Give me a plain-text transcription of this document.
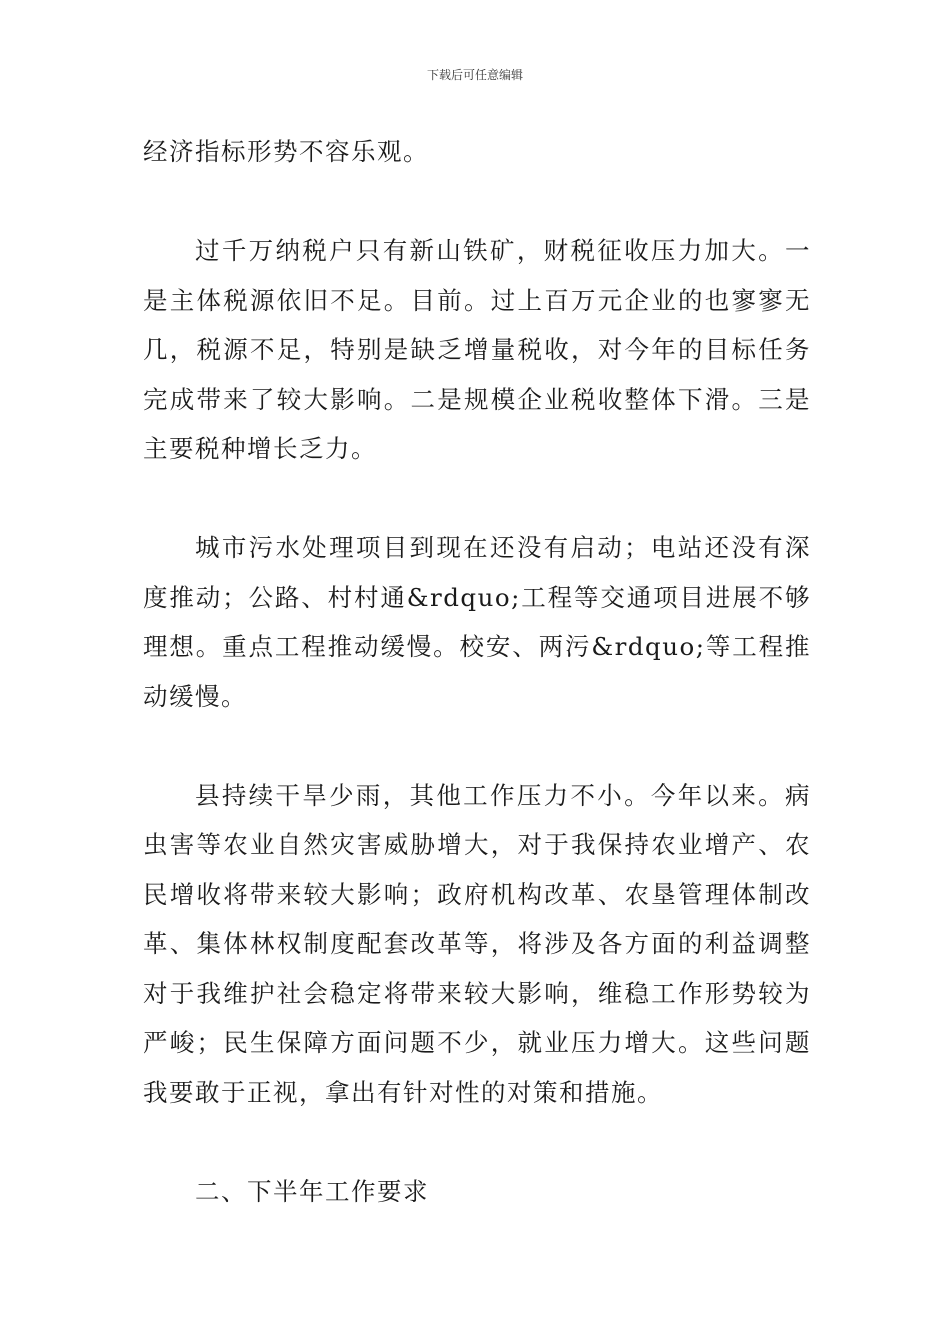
下载后可任意编辑

经济指标形势不容乐观。

过千万纳税户只有新山铁矿，财税征收压力加大。一是主体税源依旧不足。目前。过上百万元企业的也寥寥无几，税源不足，特别是缺乏增量税收，对今年的目标任务完成带来了较大影响。二是规模企业税收整体下滑。三是主要税种增长乏力。

城市污水处理项目到现在还没有启动；电站还没有深度推动；公路、村村通&rdquo;工程等交通项目进展不够理想。重点工程推动缓慢。校安、两污&rdquo;等工程推动缓慢。

县持续干旱少雨，其他工作压力不小。今年以来。病虫害等农业自然灾害威胁增大，对于我保持农业增产、农民增收将带来较大影响；政府机构改革、农垦管理体制改革、集体林权制度配套改革等，将涉及各方面的利益调整对于我维护社会稳定将带来较大影响，维稳工作形势较为严峻；民生保障方面问题不少，就业压力增大。这些问题我要敢于正视，拿出有针对性的对策和措施。

二、下半年工作要求
